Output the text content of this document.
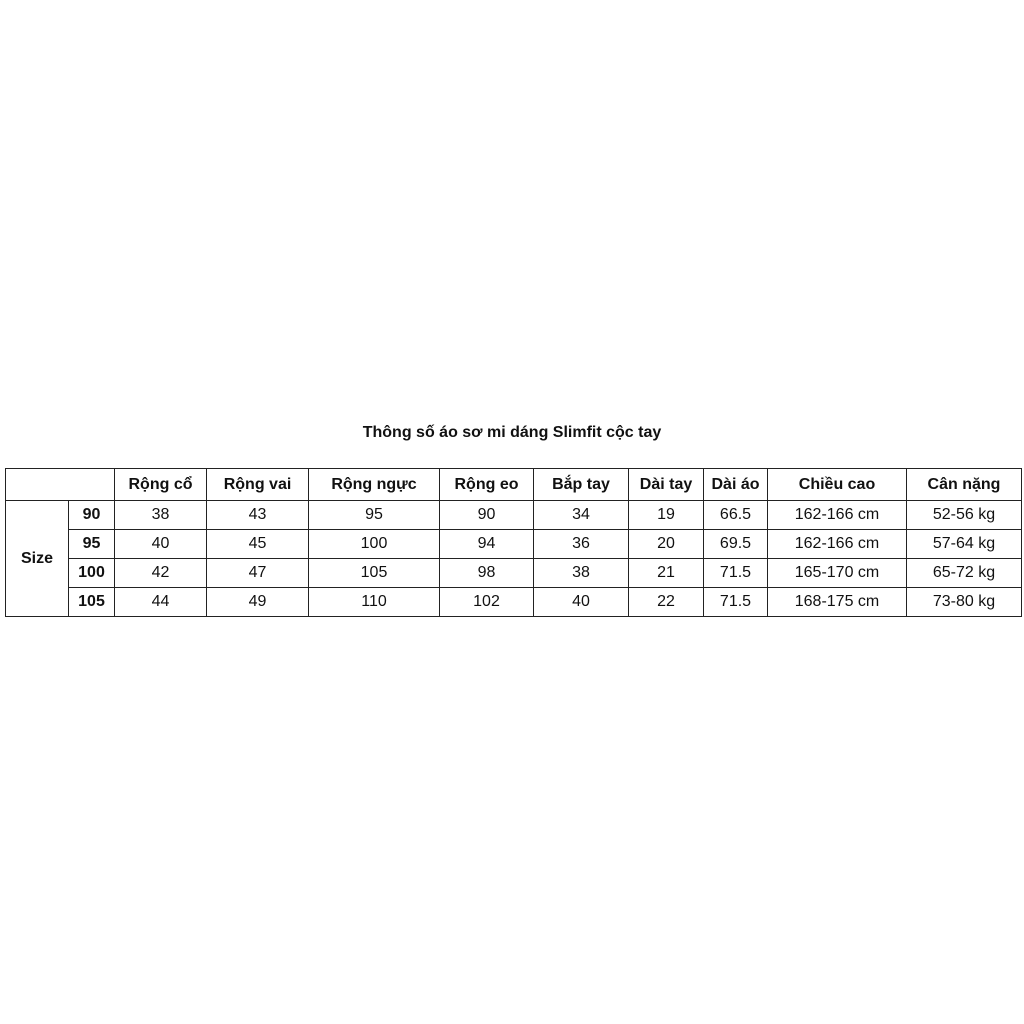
Thông số áo sơ mi dáng Slimfit cộc tay
		Rộng cổ	Rộng vai	Rộng ngực	Rộng eo	Bắp tay	Dài tay	Dài áo	Chiều cao	Cân nặng
Size	90	38	43	95	90	34	19	66.5	162-166 cm	52-56 kg
	95	40	45	100	94	36	20	69.5	162-166 cm	57-64 kg
	100	42	47	105	98	38	21	71.5	165-170 cm	65-72 kg
	105	44	49	110	102	40	22	71.5	168-175 cm	73-80 kg
